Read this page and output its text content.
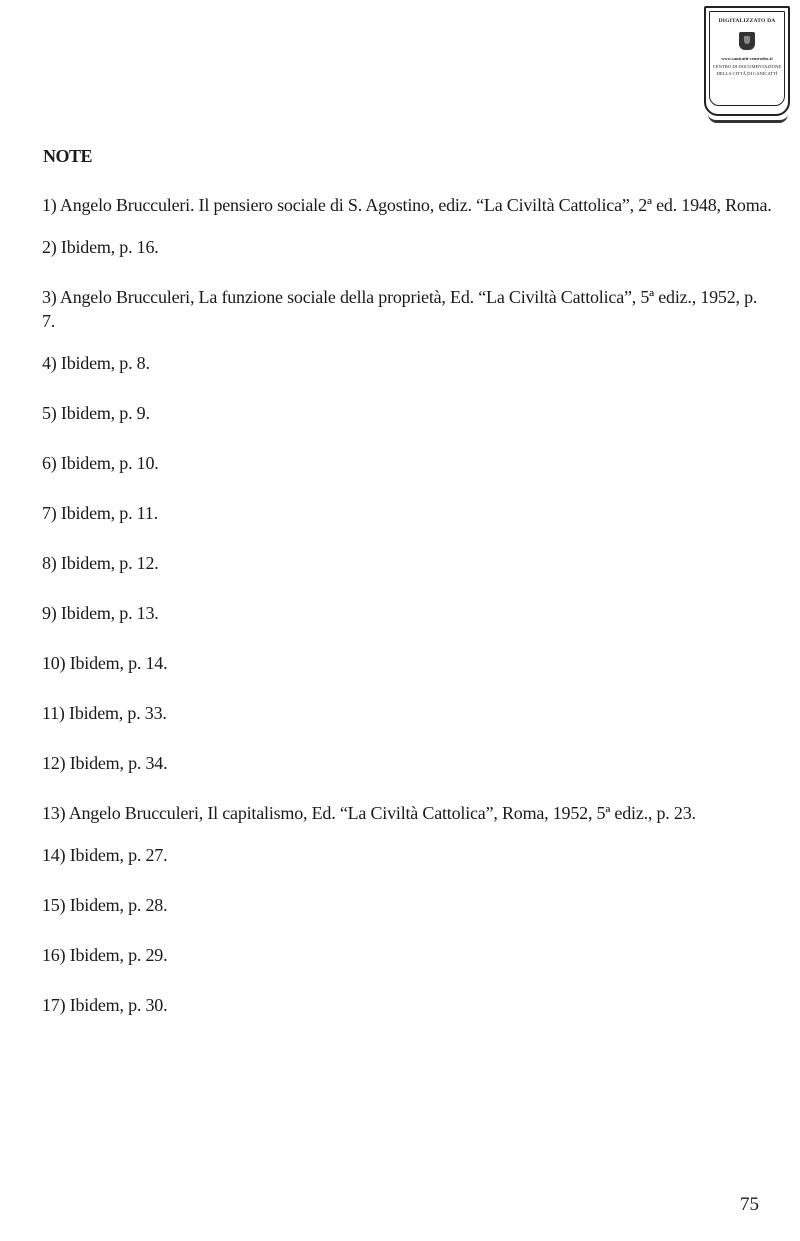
DIGITALIZZATO DA
www.canicatti-centrodoc.it
CENTRO DI DOCUMENTAZIONE
DELLA CITTÀ DI CANICATTÌ
NOTE
1) Angelo Brucculeri. Il pensiero sociale di S. Agostino, ediz. “La Civiltà Cattolica”, 2ª ed. 1948, Roma.
2) Ibidem, p. 16.
3) Angelo Brucculeri, La funzione sociale della proprietà, Ed. “La Civiltà Cattolica”, 5ª ediz., 1952, p. 7.
4) Ibidem, p. 8.
5) Ibidem, p. 9.
6) Ibidem, p. 10.
7) Ibidem, p. 11.
8) Ibidem, p. 12.
9) Ibidem, p. 13.
10) Ibidem, p. 14.
11) Ibidem, p. 33.
12) Ibidem, p. 34.
13) Angelo Brucculeri, Il capitalismo, Ed. “La Civiltà Cattolica”, Roma, 1952, 5ª ediz., p. 23.
14) Ibidem, p. 27.
15) Ibidem, p. 28.
16) Ibidem, p. 29.
17) Ibidem, p. 30.
75
